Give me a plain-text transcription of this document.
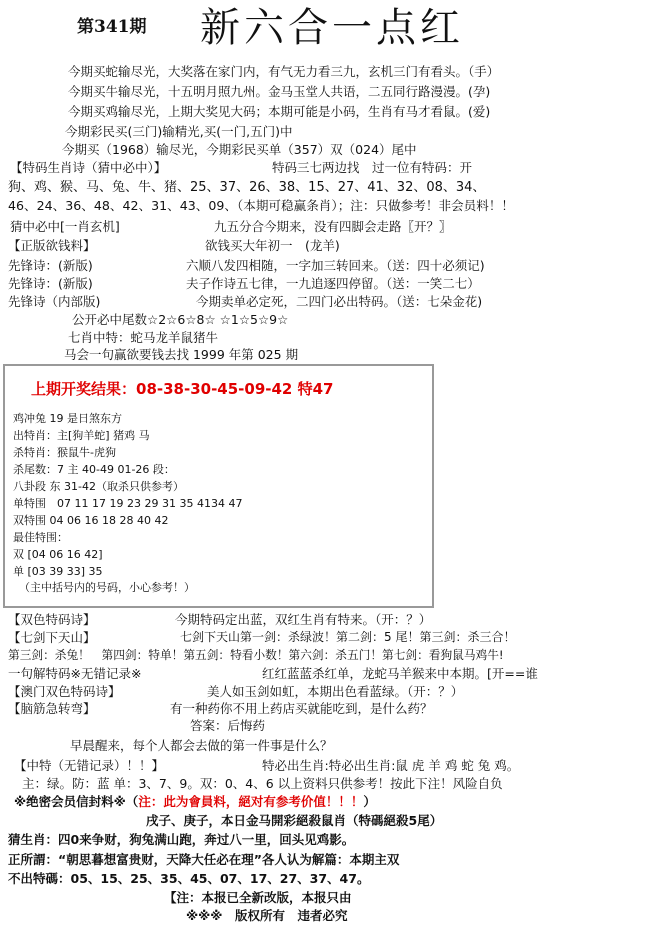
第341期 新六合一点红
今期买蛇输尽光，大奖落在家门内，有气无力看三九，玄机三门有看头。（手）
今期买牛输尽光，十五明月照九州。金马玉堂人共语，二五同行路漫漫。(孕)
今期买鸡输尽光，上期大奖见大码；本期可能是小码，生肖有马才看鼠。(爱)
今期彩民买(三门)输精光,买(一门,五门)中
今期买（1968）输尽光，今期彩民买单（357）双（024）尾中
【特码生肖诗（猜中必中）】	特码三七两边找　过一位有特码：开
狗、鸡、猴、马、兔、牛、猪、25、37、26、38、15、27、41、32、08、34、
46、24、36、48、42、31、43、09、（本期可稳赢条肖）；注：只做参考！非会员料！！
猜中必中[一肖玄机]	九五分合今期来，没有四脚会走路〖开？〗
【正版欲钱料】	欲钱买大年初一　(龙羊)
先锋诗：(新版)	六顺八发四相随，一字加三转回来。（送：四十必须记)
先锋诗：(新版)	夫子作诗五七律，一九追逐四停留。（送：一笑二七）
先锋诗（内部版)	今期卖单必定死，二四门必出特码。（送：七朵金花)
公开必中尾数☆2☆6☆8☆ ☆1☆5☆9☆
七肖中特：蛇马龙羊鼠猪牛
马会一句赢欲要钱去找 1999 年第 025 期
上期开奖结果：08-38-30-45-09-42 特47
鸡冲兔 19 是日煞东方
出特肖：主[狗羊蛇] 猪鸡 马
杀特肖：猴鼠牛-虎狗
杀尾数：7 主 40-49 01-26 段：
八卦段 东 31-42（取杀只供参考）
单特围　07 11 17 19 23 29 31 35 4134 47
双特围 04 06 16 18 28 40 42
最佳特围：
双 [04 06 16 42]
单 [03 39 33] 35
（主中括号内的号码，小心参考！）
【双色特码诗】	今期特码定出蓝，双红生肖有特来。（开：？）
【七剑下天山】	七剑下天山第一剑：杀绿波！第二剑：5 尾！第三剑：杀三合！
第三剑：杀兔！　第四剑：特单！第五剑：特看小数！第六剑：杀五门！第七剑：看狗鼠马鸡牛!
一句解特码※无错记录※	红红蓝蓝杀红单，龙蛇马羊猴来中本期。[开==谁
【澳门双色特码诗】	美人如玉剑如虹，本期出色看蓝绿。（开：？）
【脑筋急转弯】	有一种药你不用上药店买就能吃到，是什么药？
答案：后悔药
早晨醒来，每个人都会去做的第一件事是什么？
【中特（无错记录）！！】	特必出生肖:特必出生肖:鼠 虎 羊 鸡 蛇 兔 鸡。
主：绿。防：蓝 单：3、7、9。双：0、4、6 以上资料只供参考！按此下注！风险自负
※绝密会员信封料※（注：此为會員料，絕对有参考价值！！！）
戌子、庚子，本日金马開彩絕殺鼠肖（特碼絕殺5尾）
猜生肖：四0来争财，狗兔满山跑，奔过八一里，回头见鸡影。
正所謂：“朝思暮想富贵财，天降大任必在理”各人认为解篇：本期主双
不出特碼：05、15、25、35、45、07、17、27、37、47。
【注：本报已全新改版，本报只由
※※※　版权所有　违者必究
